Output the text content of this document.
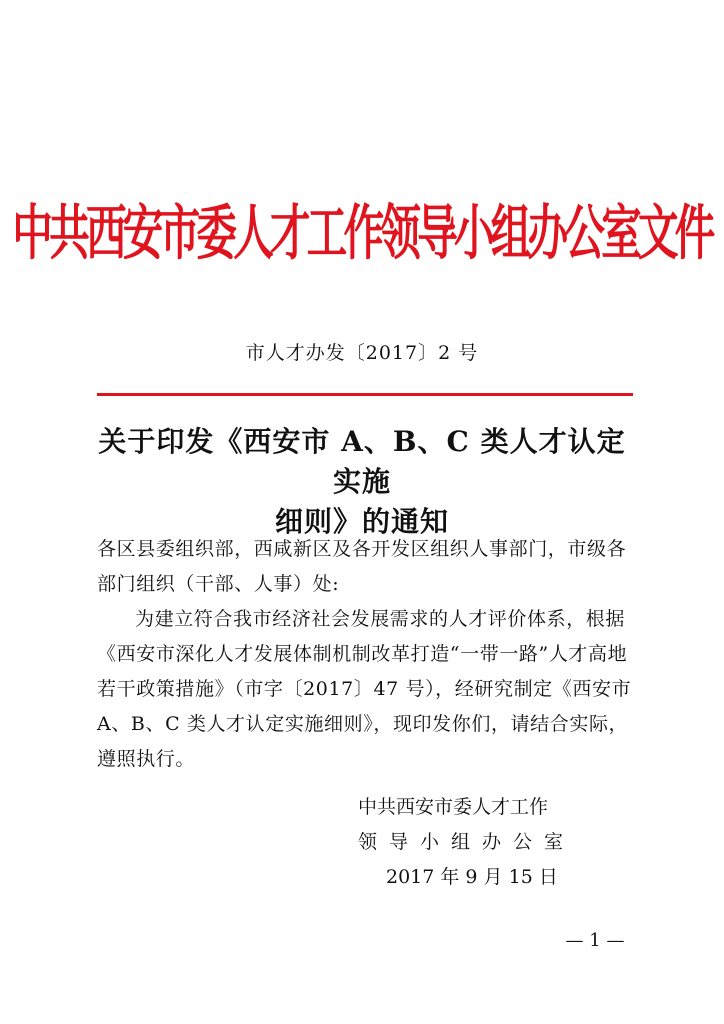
中共西安市委人才工作领导小组办公室文件
市人才办发〔2017〕2 号
关于印发《西安市 A、B、C 类人才认定实施
细则》的通知

各区县委组织部，西咸新区及各开发区组织人事部门，市级各部门组织（干部、人事）处:

为建立符合我市经济社会发展需求的人才评价体系，根据《西安市深化人才发展体制机制改革打造“一带一路”人才高地若干政策措施》（市字〔2017〕47 号），经研究制定《西安市 A、B、C 类人才认定实施细则》，现印发你们，请结合实际，遵照执行。

中共西安市委人才工作
领导小组办公室
2017 年 9 月 15 日
— 1 —
